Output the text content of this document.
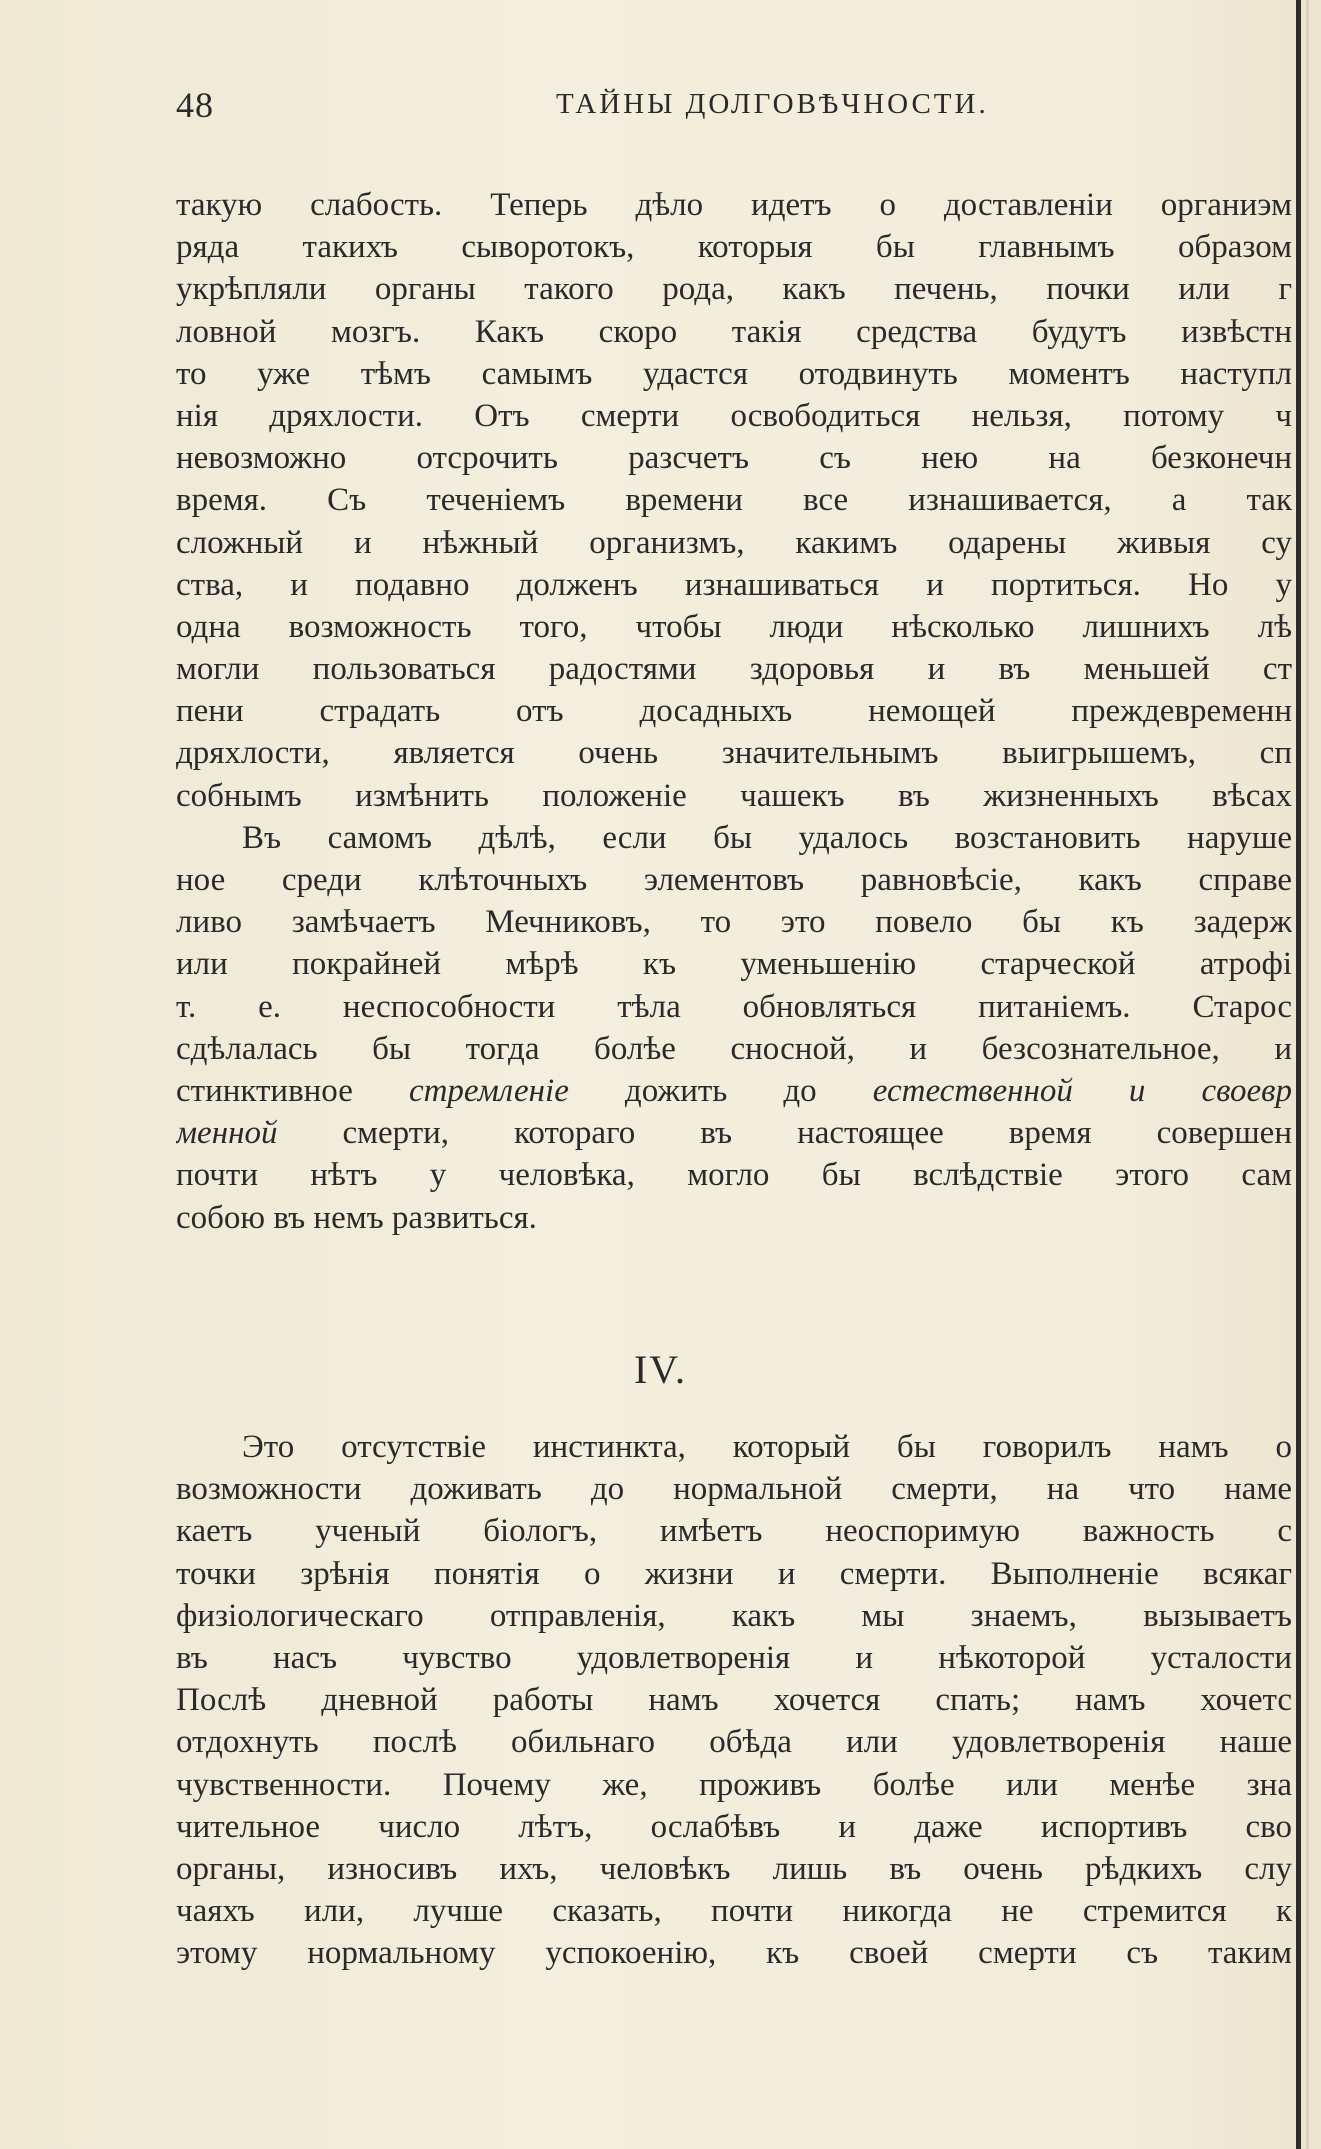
48	ТАЙНЫ ДОЛГОВѢЧНОСТИ.
такую слабость. Теперь дѣло идетъ о доставленіи органиэм
ряда такихъ сыворотокъ, которыя бы главнымъ образом
укрѣпляли органы такого рода, какъ печень, почки или г
ловной мозгъ. Какъ скоро такія средства будутъ извѣстн
то уже тѣмъ самымъ удастся отодвинуть моментъ наступл
нія дряхлости. Отъ смерти освободиться нельзя, потому ч
невозможно отсрочить разсчетъ съ нею на безконечн
время. Съ теченіемъ времени все изнашивается, а так
сложный и нѣжный организмъ, какимъ одарены живыя су
ства, и подавно долженъ изнашиваться и портиться. Но у
одна возможность того, чтобы люди нѣсколько лишнихъ лѣ
могли пользоваться радостями здоровья и въ меньшей ст
пени страдать отъ досадныхъ немощей преждевременн
дряхлости, является очень значительнымъ выигрышемъ, сп
собнымъ измѣнить положеніе чашекъ въ жизненныхъ вѣсах
Въ самомъ дѣлѣ, если бы удалось возстановить наруше
ное среди клѣточныхъ элементовъ равновѣсіе, какъ справе
ливо замѣчаетъ Мечниковъ, то это повело бы къ задерж
или покрайней мѣрѣ къ уменьшенію старческой атрофі
т. е. неспособности тѣла обновляться питаніемъ. Старос
сдѣлалась бы тогда болѣе сносной, и безсознательное, и
стинктивное стремленіе дожить до естественной и своевр
менной смерти, котораго въ настоящее время совершен
почти нѣтъ у человѣка, могло бы вслѣдствіе этого сам
собою въ немъ развиться.
IV.
Это отсутствіе инстинкта, который бы говорилъ намъ о
возможности доживать до нормальной смерти, на что наме
каетъ ученый біологъ, имѣетъ неоспоримую важность с
точки зрѣнія понятія о жизни и смерти. Выполненіе всякаг
физіологическаго отправленія, какъ мы знаемъ, вызываетъ
въ насъ чувство удовлетворенія и нѣкоторой усталости
Послѣ дневной работы намъ хочется спать; намъ хочетс
отдохнуть послѣ обильнаго обѣда или удовлетворенія наше
чувственности. Почему же, проживъ болѣе или менѣе зна
чительное число лѣтъ, ослабѣвъ и даже испортивъ сво
органы, износивъ ихъ, человѣкъ лишь въ очень рѣдкихъ слу
чаяхъ или, лучше сказать, почти никогда не стремится к
этому нормальному успокоенію, къ своей смерти съ таким
